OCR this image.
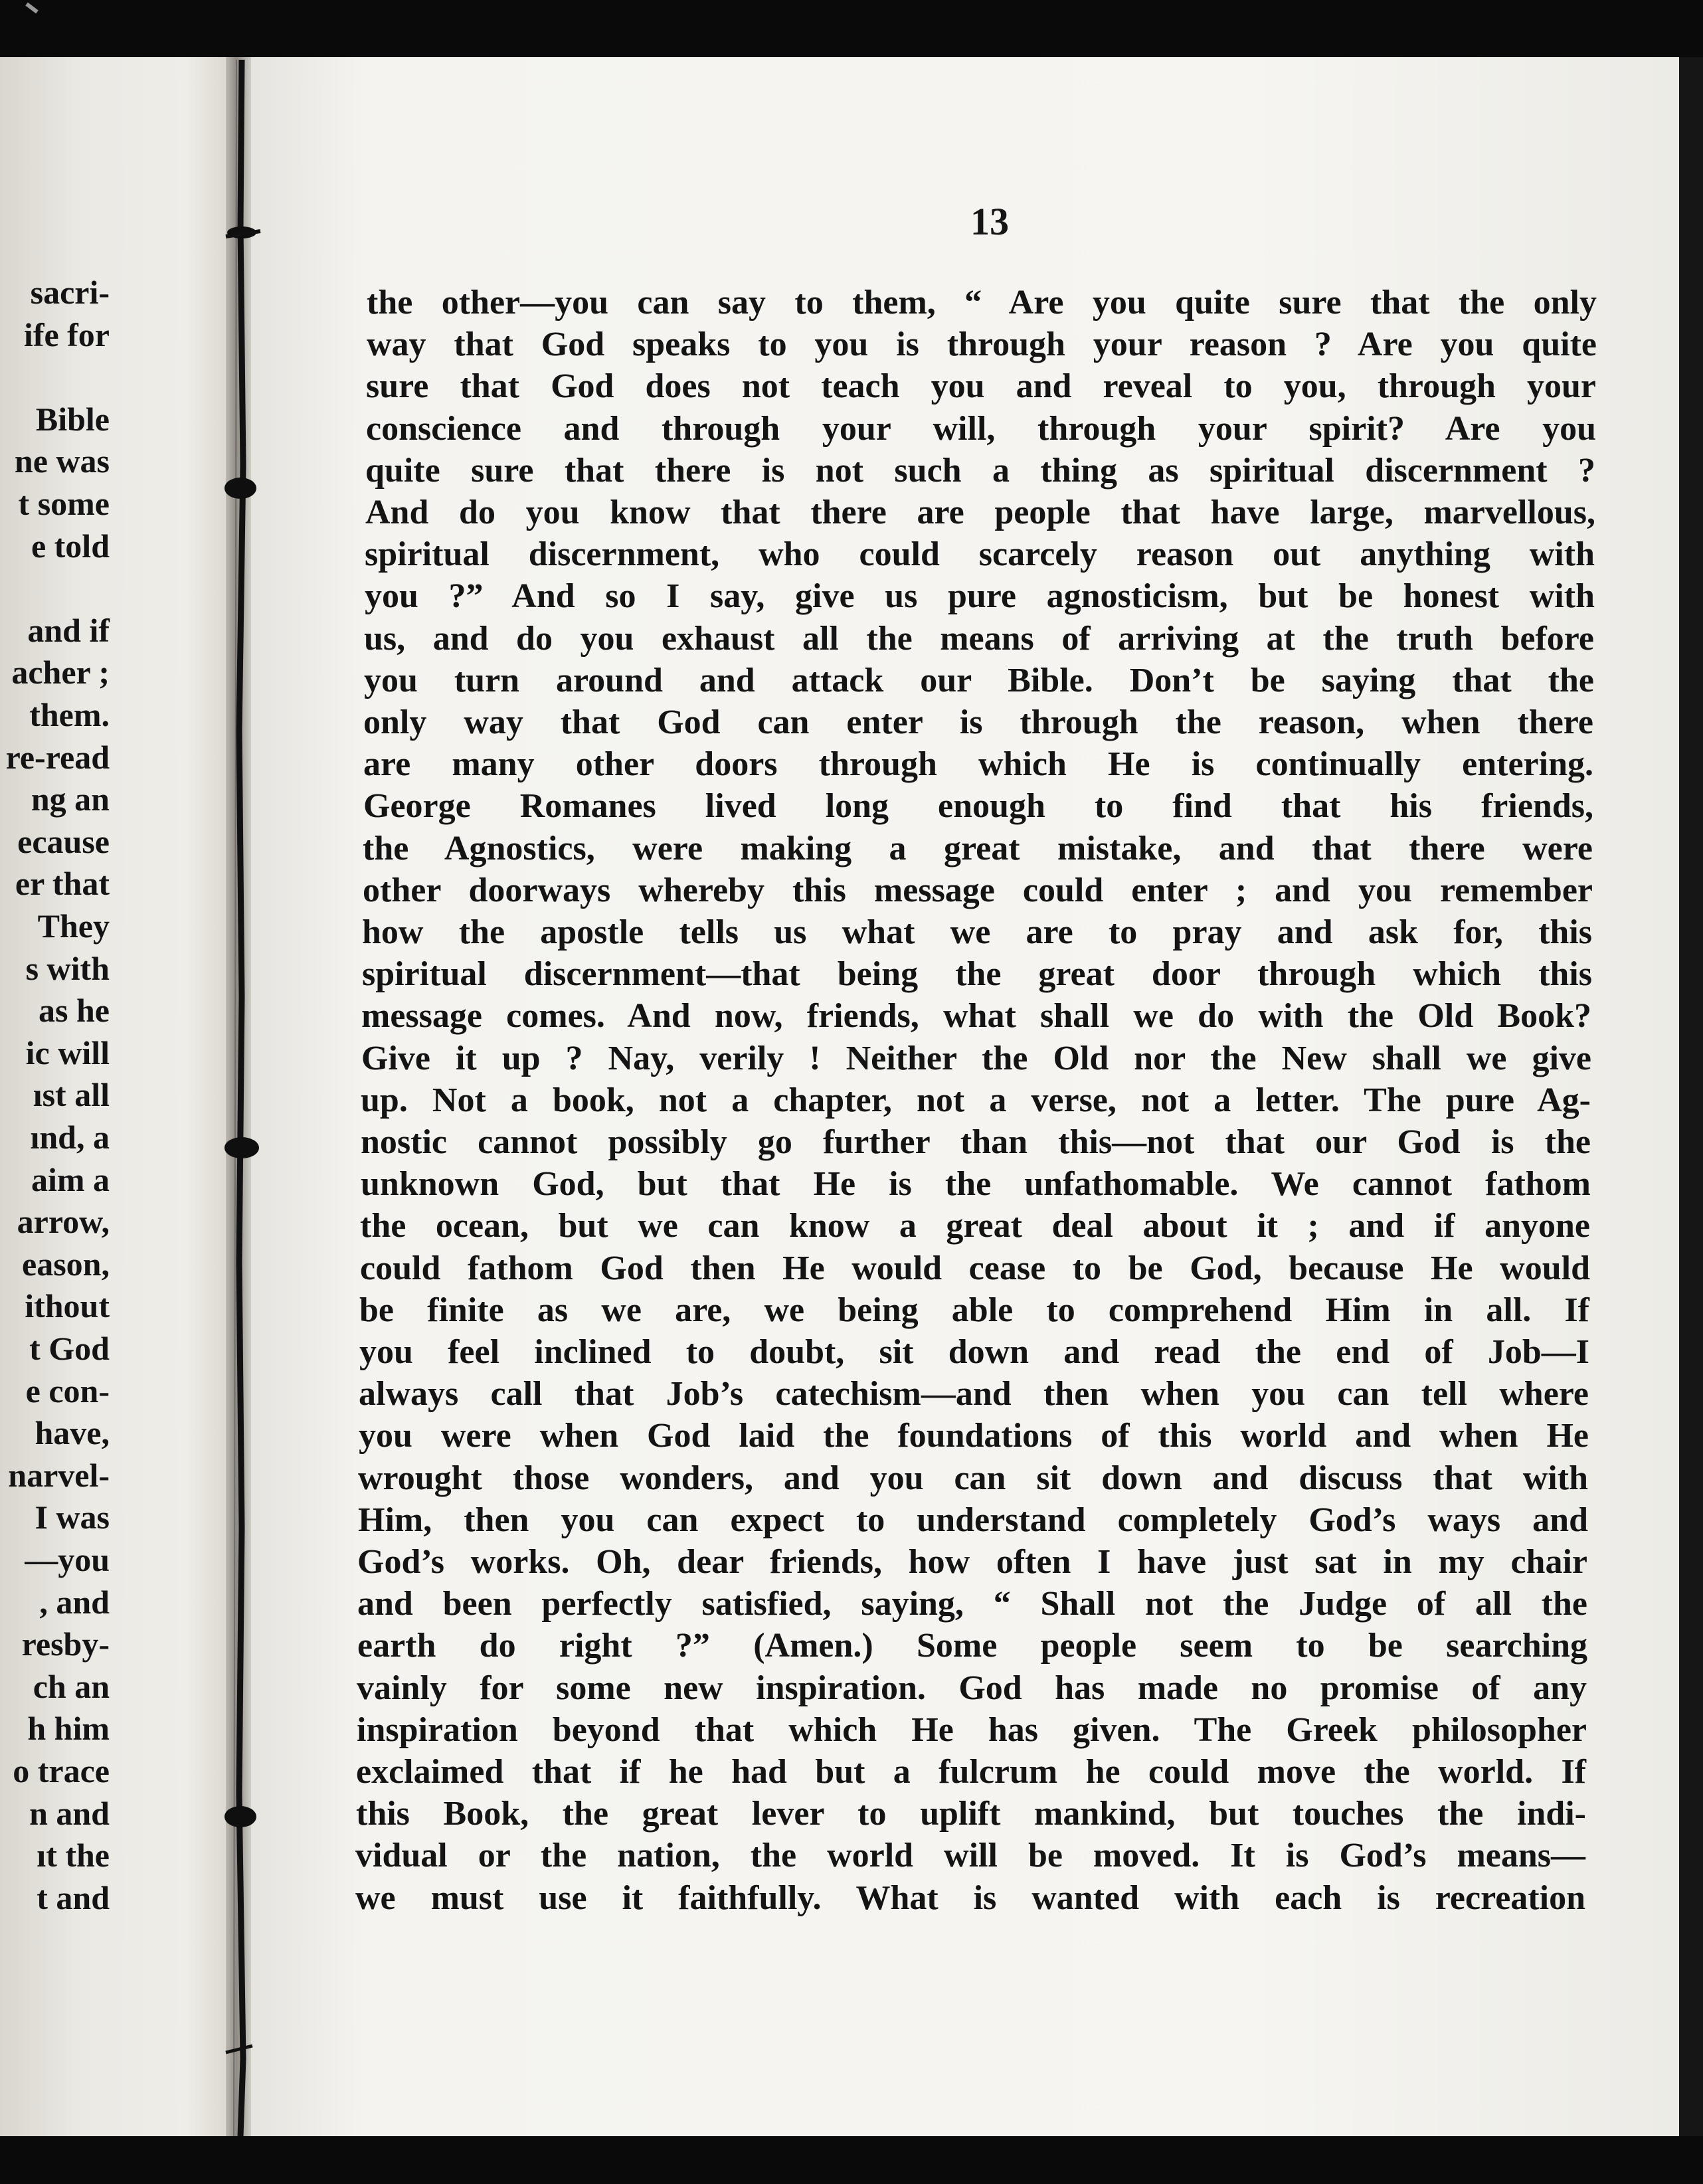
sacri-

ife for

Bible

ne was

t some

e told

and if

acher ;

them.

re-read

ng an

ecause

er that

They

s with

as he

ic will

ıst all

ınd, a

aim a

arrow,

eason,

ithout

t God

e con-

have,

narvel-

I was

—you

, and

resby-

ch an

h him

o trace

n and

ıt the

t and

13

the other—you can say to them, “ Are you quite sure that the only

way that God speaks to you is through your reason ? Are you quite

sure that God does not teach you and reveal to you, through your

conscience and through your will, through your spirit? Are you

quite sure that there is not such a thing as spiritual discernment ?

And do you know that there are people that have large, marvellous,

spiritual discernment, who could scarcely reason out anything with

you ?” And so I say, give us pure agnosticism, but be honest with

us, and do you exhaust all the means of arriving at the truth before

you turn around and attack our Bible. Don’t be saying that the

only way that God can enter is through the reason, when there

are many other doors through which He is continually entering.

George Romanes lived long enough to find that his friends,

the Agnostics, were making a great mistake, and that there were

other doorways whereby this message could enter ; and you remember

how the apostle tells us what we are to pray and ask for, this

spiritual discernment—that being the great door through which this

message comes. And now, friends, what shall we do with the Old Book?

Give it up ? Nay, verily ! Neither the Old nor the New shall we give

up. Not a book, not a chapter, not a verse, not a letter. The pure Ag-

nostic cannot possibly go further than this—not that our God is the

unknown God, but that He is the unfathomable. We cannot fathom

the ocean, but we can know a great deal about it ; and if anyone

could fathom God then He would cease to be God, because He would

be finite as we are, we being able to comprehend Him in all. If

you feel inclined to doubt, sit down and read the end of Job—I

always call that Job’s catechism—and then when you can tell where

you were when God laid the foundations of this world and when He

wrought those wonders, and you can sit down and discuss that with

Him, then you can expect to understand completely God’s ways and

God’s works. Oh, dear friends, how often I have just sat in my chair

and been perfectly satisfied, saying, “ Shall not the Judge of all the

earth do right ?” (Amen.) Some people seem to be searching

vainly for some new inspiration. God has made no promise of any

inspiration beyond that which He has given. The Greek philosopher

exclaimed that if he had but a fulcrum he could move the world. If

this Book, the great lever to uplift mankind, but touches the indi-

vidual or the nation, the world will be moved. It is God’s means—

we must use it faithfully. What is wanted with each is recreation
